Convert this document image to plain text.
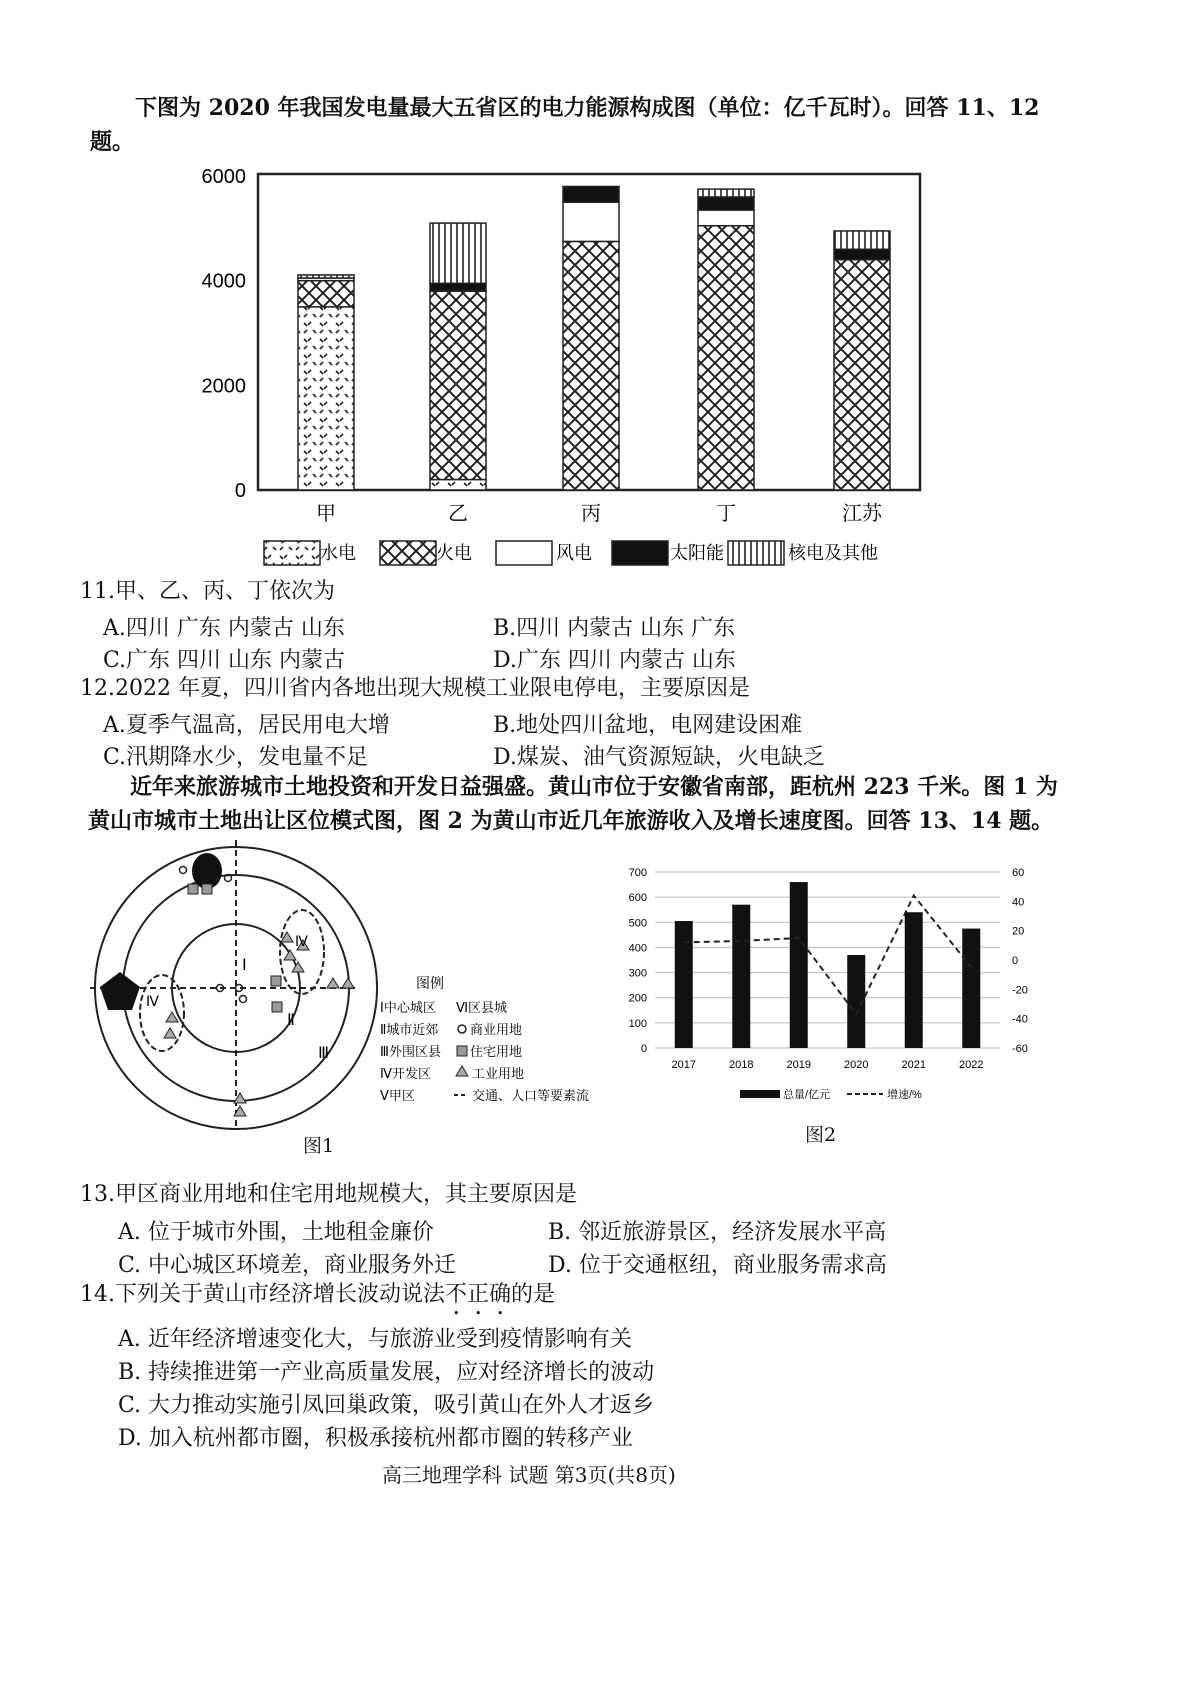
下图为 2020 年我国发电量最大五省区的电力能源构成图（单位：亿千瓦时）。回答 11、12
题。
0
2000
4000
6000
甲	乙	丙	丁	江苏
水电	火电	风电	太阳能	核电及其他
11.甲、乙、丙、丁依次为
A.四川 广东 内蒙古 山东	B.四川 内蒙古 山东 广东
C.广东 四川 山东 内蒙古	D.广东 四川 内蒙古 山东
12.2022 年夏，四川省内各地出现大规模工业限电停电，主要原因是
A.夏季气温高，居民用电大增	B.地处四川盆地，电网建设困难
C.汛期降水少，发电量不足	D.煤炭、油气资源短缺，火电缺乏
近年来旅游城市土地投资和开发日益强盛。黄山市位于安徽省南部，距杭州 223 千米。图 1 为
黄山市城市土地出让区位模式图，图 2 为黄山市近几年旅游收入及增长速度图。回答 13、14 题。
Ⅰ
Ⅱ
Ⅲ
Ⅳ
Ⅳ
图例
Ⅰ中心城区 Ⅵ区县城
Ⅱ城市近郊 商业用地
Ⅲ外围区县 住宅用地
Ⅳ开发区	工业用地
Ⅴ甲区	交通、人口等要素流
图1
0
100
200
300
400
500
600
700	60
40
20
0
-20
-40
-60
2017	2018	2019	2020	2021	2022
总量/亿元	增速/%
图2
13.甲区商业用地和住宅用地规模大，其主要原因是
A. 位于城市外围，土地租金廉价	B. 邻近旅游景区，经济发展水平高
C. 中心城区环境差，商业服务外迁	D. 位于交通枢纽，商业服务需求高
14.下列关于黄山市经济增长波动说法不正确的是
A. 近年经济增速变化大，与旅游业受到疫情影响有关
B. 持续推进第一产业高质量发展，应对经济增长的波动
C. 大力推动实施引凤回巢政策，吸引黄山在外人才返乡
D. 加入杭州都市圈，积极承接杭州都市圈的转移产业
高三地理学科 试题 第3页(共8页)
